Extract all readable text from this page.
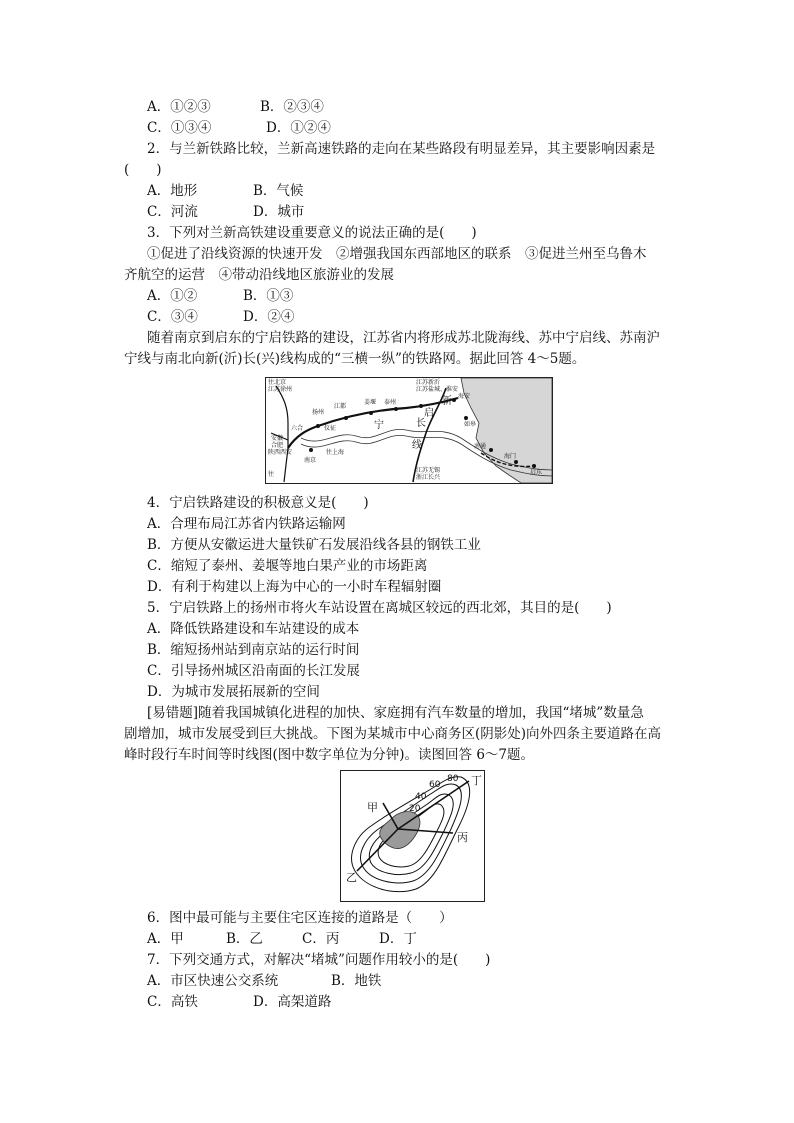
A．①②③	B．②③④
C．①③④	D．①②④
2．与兰新铁路比较，兰新高速铁路的走向在某些路段有明显差异，其主要影响因素是
(　　)
A．地形	B．气候
C．河流	D．城市
3．下列对兰新高铁建设重要意义的说法正确的是(　　)
①促进了沿线资源的快速开发　②增强我国东西部地区的联系　③促进兰州至乌鲁木
齐航空的运营　④带动沿线地区旅游业的发展
A．①②	B．①③
C．③④	D．②④
随着南京到启东的宁启铁路的建设，江苏省内将形成苏北陇海线、苏中宁启线、苏南沪
宁线与南北向新(沂)长(兴)线构成的“三横一纵”的铁路网。据此回答 4～5题。
往北京
江苏徐州
扬州
江都
泰州
姜堰
海安
如皋
南通
海门
启东
南京
六合	仪征
往上海
安徽
合肥
陕西西安
往
江苏新沂
江苏盐城、淮安
江苏无锡
浙江长兴
宁
启
新
长
线
4．宁启铁路建设的积极意义是(　　)
A．合理布局江苏省内铁路运输网
B．方便从安徽运进大量铁矿石发展沿线各县的钢铁工业
C．缩短了泰州、姜堰等地白果产业的市场距离
D．有利于构建以上海为中心的一小时车程辐射圈
5．宁启铁路上的扬州市将火车站设置在离城区较远的西北郊，其目的是(　　)
A．降低铁路建设和车站建设的成本
B．缩短扬州站到南京站的运行时间
C．引导扬州城区沿南面的长江发展
D．为城市发展拓展新的空间
[易错题]随着我国城镇化进程的加快、家庭拥有汽车数量的增加，我国“堵城”数量急
剧增加，城市发展受到巨大挑战。下图为某城市中心商务区(阴影处)向外四条主要道路在高
峰时段行车时间等时线图(图中数字单位为分钟)。读图回答 6～7题。
甲
乙
丙
丁
20
40
60
80
6．图中最可能与主要住宅区连接的道路是（　　）
A．甲	B．乙	C．丙	D．丁
7．下列交通方式，对解决“堵城”问题作用较小的是(　　)
A．市区快速公交系统	B．地铁
C．高铁	D．高架道路
